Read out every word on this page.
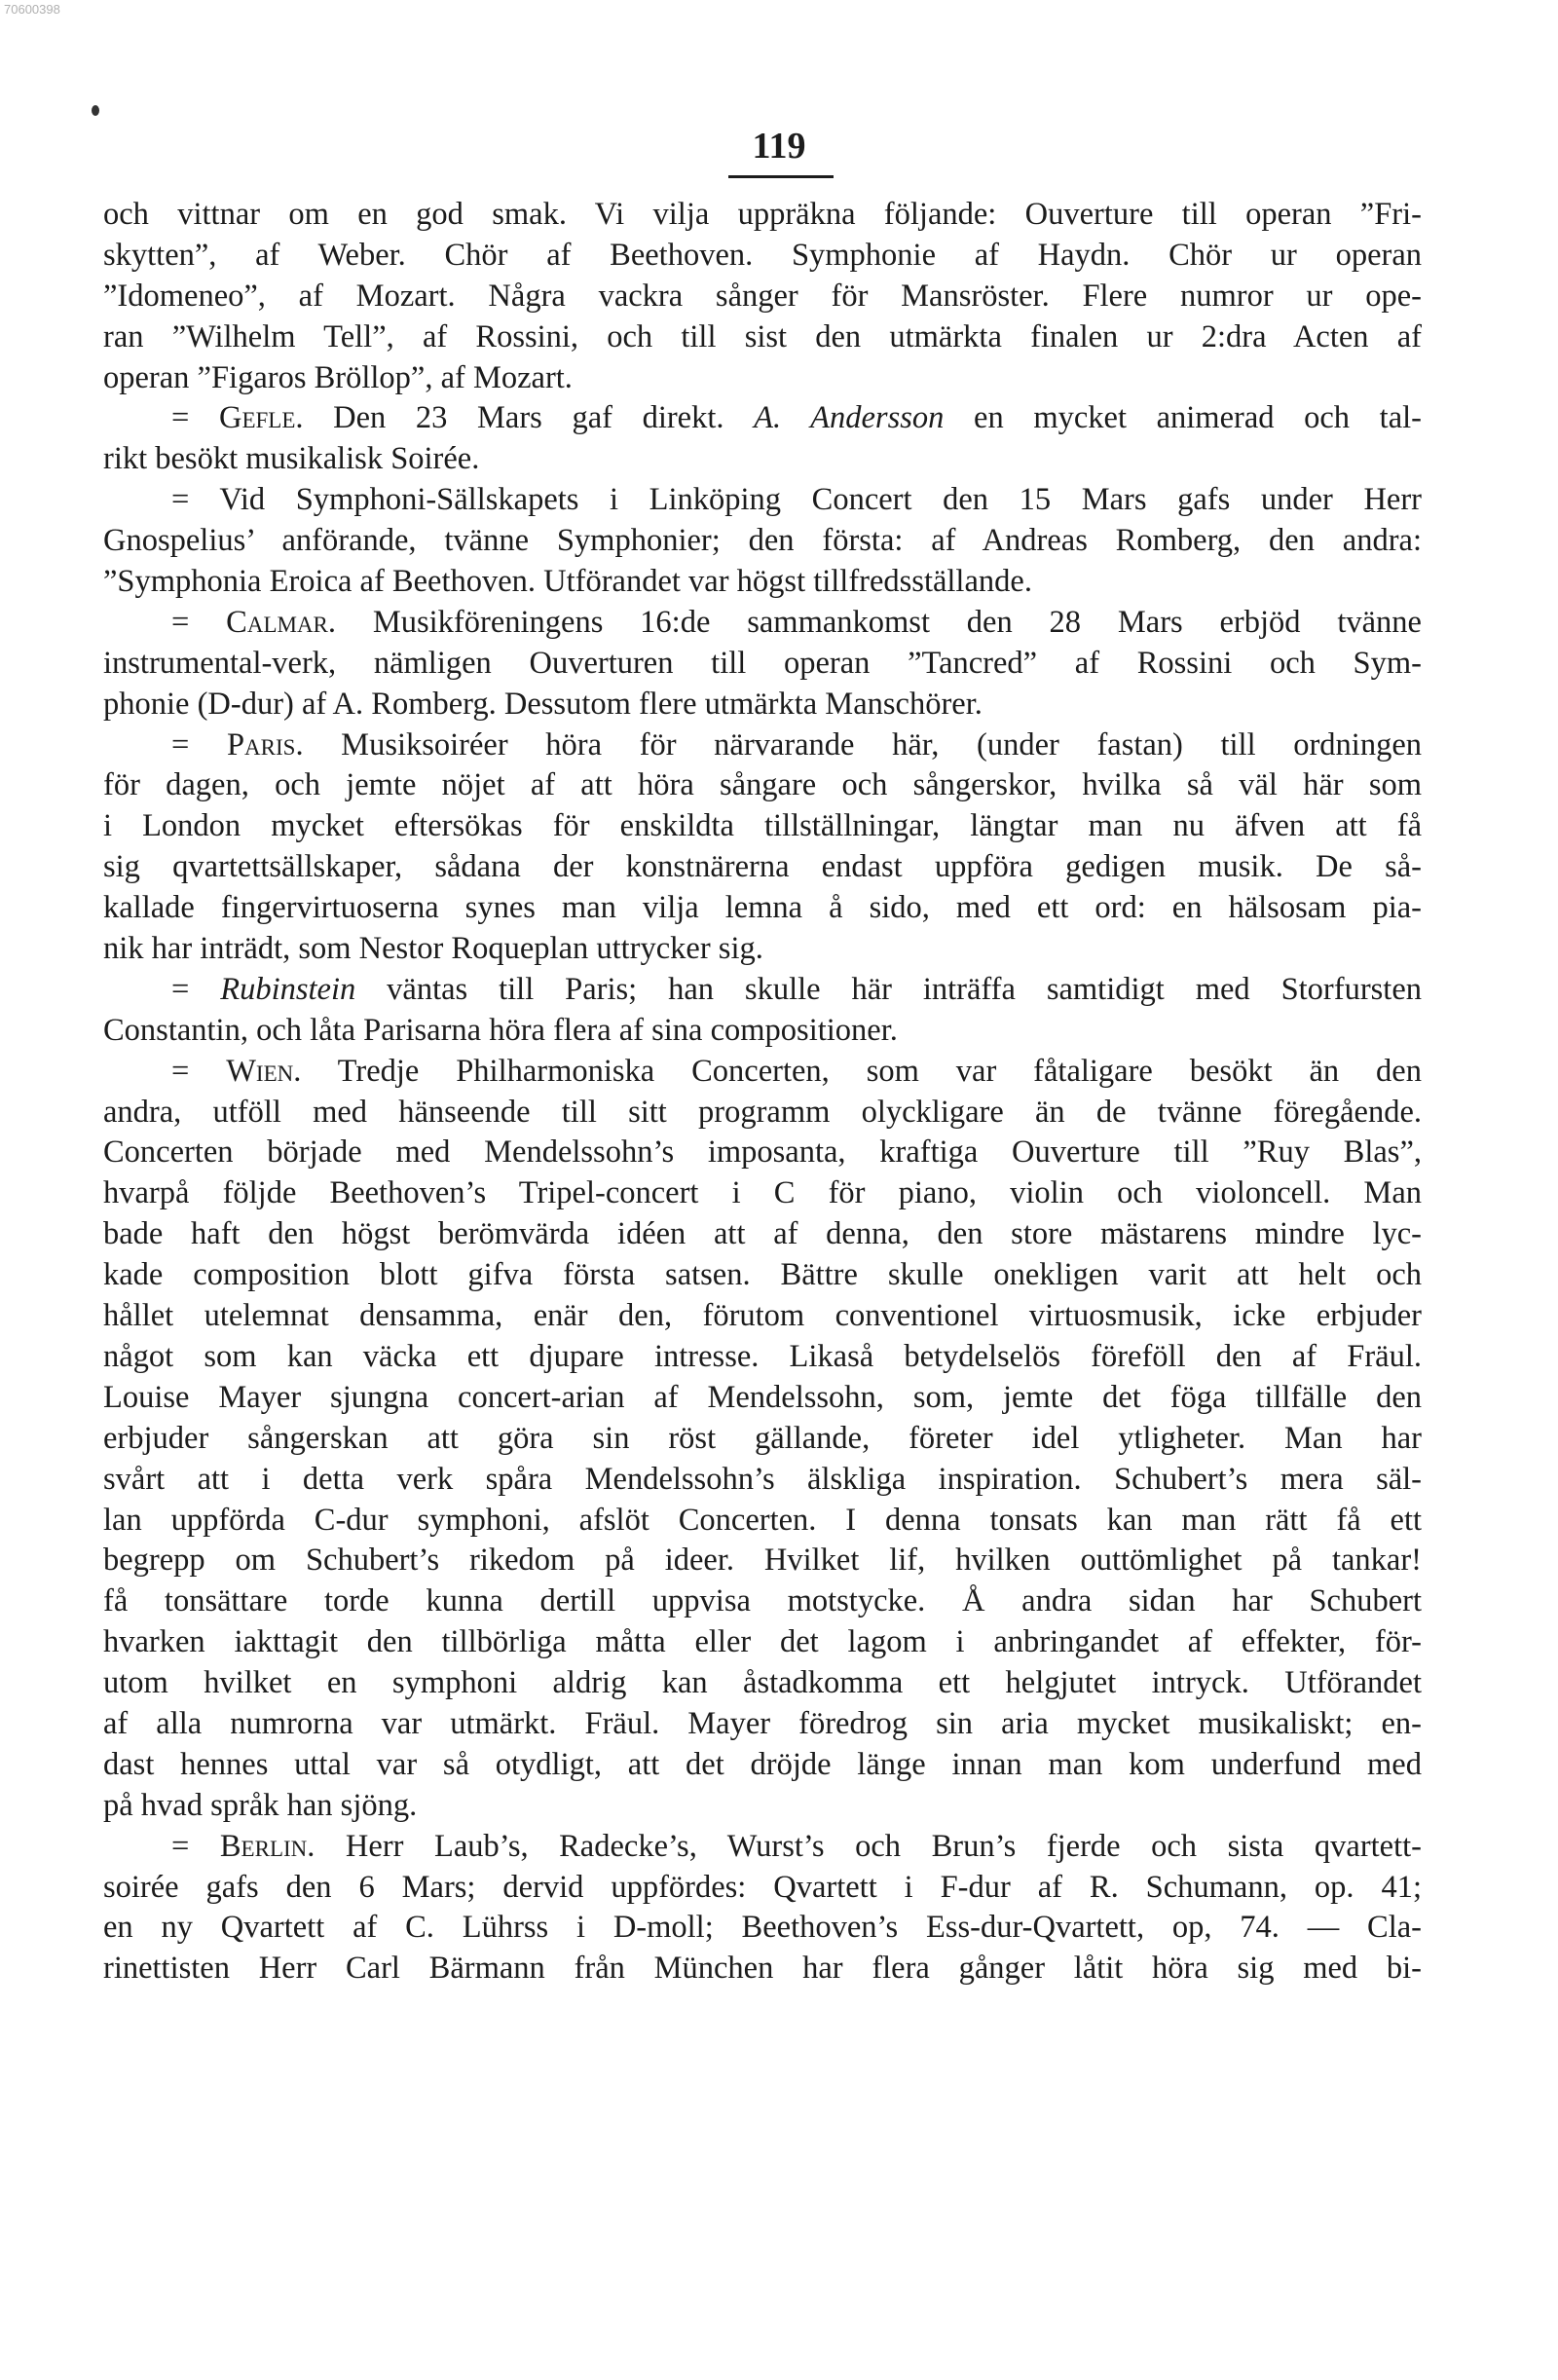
70600398
119
och vittnar om en god smak. Vi vilja uppräkna följande: Ouverture till operan ”Fri-
skytten”, af Weber. Chör af Beethoven. Symphonie af Haydn. Chör ur operan
”Idomeneo”, af Mozart. Några vackra sånger för Mansröster. Flere numror ur ope-
ran ”Wilhelm Tell”, af Rossini, och till sist den utmärkta finalen ur 2:dra Acten af
operan ”Figaros Bröllop”, af Mozart.
= Gefle. Den 23 Mars gaf direkt. A. Andersson en mycket animerad och tal-
rikt besökt musikalisk Soirée.
= Vid Symphoni-Sällskapets i Linköping Concert den 15 Mars gafs under Herr
Gnospelius’ anförande, tvänne Symphonier; den första: af Andreas Romberg, den andra:
”Symphonia Eroica af Beethoven. Utförandet var högst tillfredsställande.
= Calmar. Musikföreningens 16:de sammankomst den 28 Mars erbjöd tvänne
instrumental-verk, nämligen Ouverturen till operan ”Tancred” af Rossini och Sym-
phonie (D-dur) af A. Romberg. Dessutom flere utmärkta Manschörer.
= Paris. Musiksoiréer höra för närvarande här, (under fastan) till ordningen
för dagen, och jemte nöjet af att höra sångare och sångerskor, hvilka så väl här som
i London mycket eftersökas för enskildta tillställningar, längtar man nu äfven att få
sig qvartettsällskaper, sådana der konstnärerna endast uppföra gedigen musik. De så-
kallade fingervirtuoserna synes man vilja lemna å sido, med ett ord: en hälsosam pia-
nik har inträdt, som Nestor Roqueplan uttrycker sig.
= Rubinstein väntas till Paris; han skulle här inträffa samtidigt med Storfursten
Constantin, och låta Parisarna höra flera af sina compositioner.
= Wien. Tredje Philharmoniska Concerten, som var fåtaligare besökt än den
andra, utföll med hänseende till sitt programm olyckligare än de tvänne föregående.
Concerten började med Mendelssohn’s imposanta, kraftiga Ouverture till ”Ruy Blas”,
hvarpå följde Beethoven’s Tripel-concert i C för piano, violin och violoncell. Man
bade haft den högst berömvärda idéen att af denna, den store mästarens mindre lyc-
kade composition blott gifva första satsen. Bättre skulle onekligen varit att helt och
hållet utelemnat densamma, enär den, förutom conventionel virtuosmusik, icke erbjuder
något som kan väcka ett djupare intresse. Likaså betydelselös föreföll den af Fräul.
Louise Mayer sjungna concert-arian af Mendelssohn, som, jemte det föga tillfälle den
erbjuder sångerskan att göra sin röst gällande, företer idel ytligheter. Man har
svårt att i detta verk spåra Mendelssohn’s älskliga inspiration. Schubert’s mera säl-
lan uppförda C-dur symphoni, afslöt Concerten. I denna tonsats kan man rätt få ett
begrepp om Schubert’s rikedom på ideer. Hvilket lif, hvilken outtömlighet på tankar!
få tonsättare torde kunna dertill uppvisa motstycke. Å andra sidan har Schubert
hvarken iakttagit den tillbörliga måtta eller det lagom i anbringandet af effekter, för-
utom hvilket en symphoni aldrig kan åstadkomma ett helgjutet intryck. Utförandet
af alla numrorna var utmärkt. Fräul. Mayer föredrog sin aria mycket musikaliskt; en-
dast hennes uttal var så otydligt, att det dröjde länge innan man kom underfund med
på hvad språk han sjöng.
= Berlin. Herr Laub’s, Radecke’s, Wurst’s och Brun’s fjerde och sista qvartett-
soirée gafs den 6 Mars; dervid uppfördes: Qvartett i F-dur af R. Schumann, op. 41;
en ny Qvartett af C. Lührss i D-moll; Beethoven’s Ess-dur-Qvartett, op, 74. — Cla-
rinettisten Herr Carl Bärmann från München har flera gånger låtit höra sig med bi-
